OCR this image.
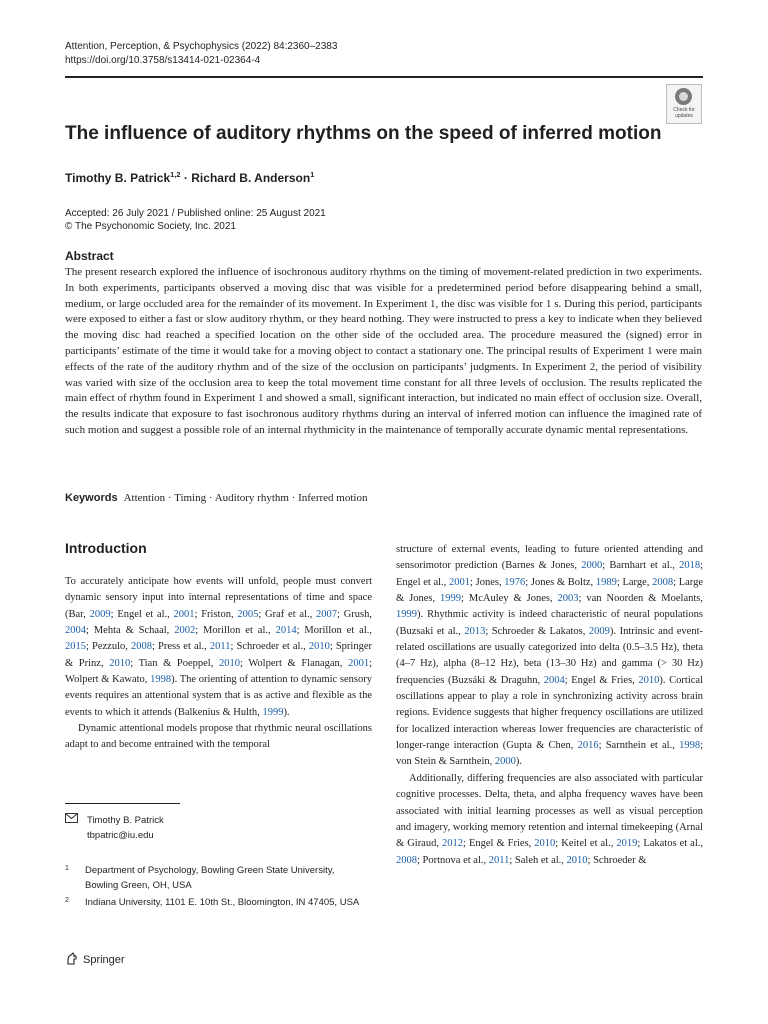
Attention, Perception, & Psychophysics (2022) 84:2360–2383
https://doi.org/10.3758/s13414-021-02364-4
Check for
updates
The influence of auditory rhythms on the speed of inferred motion
Timothy B. Patrick$^{1,2}$ · Richard B. Anderson$^1$
Accepted: 26 July 2021 / Published online: 25 August 2021
© The Psychonomic Society, Inc. 2021
Abstract
The present research explored the influence of isochronous auditory rhythms on the timing of movement-related prediction in two experiments. In both experiments, participants observed a moving disc that was visible for a predetermined period before disappearing behind a small, medium, or large occluded area for the remainder of its movement. In Experiment 1, the disc was visible for 1 s. During this period, participants were exposed to either a fast or slow auditory rhythm, or they heard nothing. They were instructed to press a key to indicate when they believed the moving disc had reached a specified location on the other side of the occluded area. The procedure measured the (signed) error in participants’ estimate of the time it would take for a moving object to contact a stationary one. The principal results of Experiment 1 were main effects of the rate of the auditory rhythm and of the size of the occlusion on participants’ judgments. In Experiment 2, the period of visibility was varied with size of the occlusion area to keep the total movement time constant for all three levels of occlusion. The results replicated the main effect of rhythm found in Experiment 1 and showed a small, significant interaction, but indicated no main effect of occlusion size. Overall, the results indicate that exposure to fast isochronous auditory rhythms during an interval of inferred motion can influence the imagined rate of such motion and suggest a possible role of an internal rhythmicity in the maintenance of temporally accurate dynamic mental representations.
Keywords Attention · Timing · Auditory rhythm · Inferred motion
Introduction

To accurately anticipate how events will unfold, people must convert dynamic sensory input into internal representations of time and space (Bar, 2009; Engel et al., 2001; Friston, 2005; Graf et al., 2007; Grush, 2004; Mehta & Schaal, 2002; Morillon et al., 2014; Morillon et al., 2015; Pezzulo, 2008; Press et al., 2011; Schroeder et al., 2010; Springer & Prinz, 2010; Tian & Poeppel, 2010; Wolpert & Flanagan, 2001; Wolpert & Kawato, 1998). The orienting of attention to dynamic sensory events requires an attentional system that is as active and flexible as the events to which it attends (Balkenius & Hulth, 1999).

Dynamic attentional models propose that rhythmic neural oscillations adapt to and become entrained with the temporal

structure of external events, leading to future oriented attending and sensorimotor prediction (Barnes & Jones, 2000; Barnhart et al., 2018; Engel et al., 2001; Jones, 1976; Jones & Boltz, 1989; Large, 2008; Large & Jones, 1999; McAuley & Jones, 2003; van Noorden & Moelants, 1999). Rhythmic activity is indeed characteristic of neural populations (Buzsaki et al., 2013; Schroeder & Lakatos, 2009). Intrinsic and event-related oscillations are usually categorized into delta (0.5–3.5 Hz), theta (4–7 Hz), alpha (8–12 Hz), beta (13–30 Hz) and gamma (> 30 Hz) frequencies (Buzsáki & Draguhn, 2004; Engel & Fries, 2010). Cortical oscillations appear to play a role in synchronizing activity across brain regions. Evidence suggests that higher frequency oscillations are utilized for localized interaction whereas lower frequencies are characteristic of longer-range interaction (Gupta & Chen, 2016; Sarnthein et al., 1998; von Stein & Sarnthein, 2000).

Additionally, differing frequencies are also associated with particular cognitive processes. Delta, theta, and alpha frequency waves have been associated with initial learning processes as well as visual perception and imagery, working memory retention and internal timekeeping (Arnal & Giraud, 2012; Engel & Fries, 2010; Keitel et al., 2019; Lakatos et al., 2008; Portnova et al., 2011; Saleh et al., 2010; Schroeder &

Timothy B. Patrick
tbpatric@iu.edu
1 Department of Psychology, Bowling Green State University,
Bowling Green, OH, USA
2 Indiana University, 1101 E. 10th St., Bloomington, IN 47405, USA
Springer
